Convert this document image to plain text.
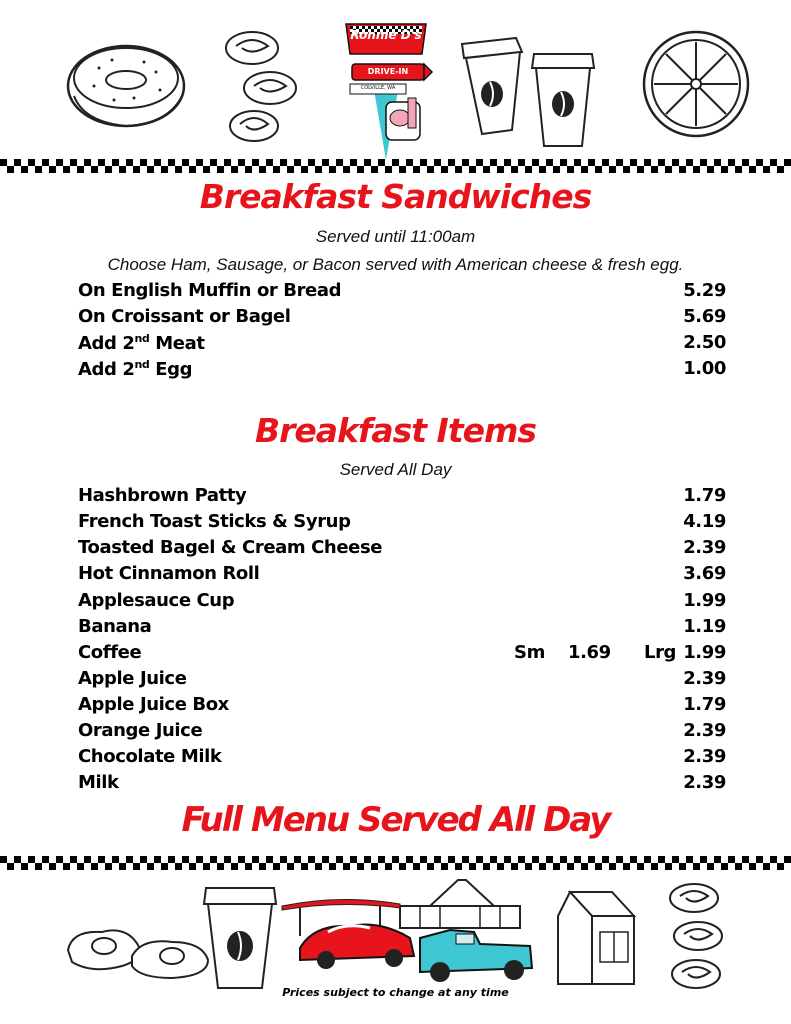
Ronnie D's
DRIVE-IN
COLVILLE, WA
Breakfast Sandwiches
Served until 11:00am
Choose Ham, Sausage, or Bacon served with American cheese & fresh egg.
On English Muffin or Bread	5.29
On Croissant or Bagel	5.69
Add 2nd Meat	2.50
Add 2nd Egg	1.00
Breakfast Items
Served All Day
Hashbrown Patty	1.79
French Toast Sticks & Syrup	4.19
Toasted Bagel & Cream Cheese	2.39
Hot Cinnamon Roll	3.69
Applesauce Cup	1.99
Banana	1.19
Coffee	Sm 1.69 Lrg 1.99
Apple Juice	2.39
Apple Juice Box	1.79
Orange Juice	2.39
Chocolate Milk	2.39
Milk	2.39
Full Menu Served All Day
Prices subject to change at any time
